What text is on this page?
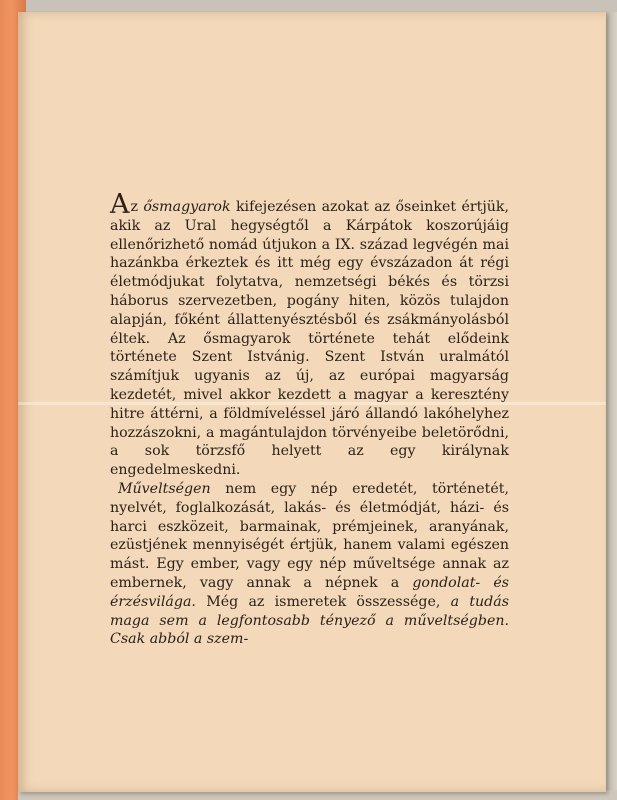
Az ősmagyarok kifejezésen azokat az őseinket értjük, akik az Ural hegységtől a Kárpátok koszorújáig ellenőrizhető nomád útjukon a IX. század legvégén mai hazánkba érkeztek és itt még egy évszázadon át régi életmódjukat folytatva, nemzetségi békés és törzsi háborus szervezetben, pogány hiten, közös tulajdon alapján, főként állattenyésztésből és zsákmányolásból éltek. Az ősmagyarok története tehát elődeink története Szent Istvánig. Szent István uralmától számítjuk ugyanis az új, az európai magyarság kezdetét, mivel akkor kezdett a magyar a keresztény hitre áttérni, a földmíveléssel járó állandó lakóhelyhez hozzászokni, a magántulajdon törvényeibe beletörődni, a sok törzsfő helyett az egy királynak engedelmeskedni.

Műveltségen nem egy nép eredetét, történetét, nyelvét, foglalkozását, lakás- és életmódját, házi- és harci eszközeit, barmainak, prémjeinek, aranyának, ezüstjének mennyiségét értjük, hanem valami egészen mást. Egy ember, vagy egy nép műveltsége annak az embernek, vagy annak a népnek a gondolat- és érzésvilága. Még az ismeretek összessége, a tudás maga sem a legfontosabb tényező a műveltségben. Csak abból a szem-
